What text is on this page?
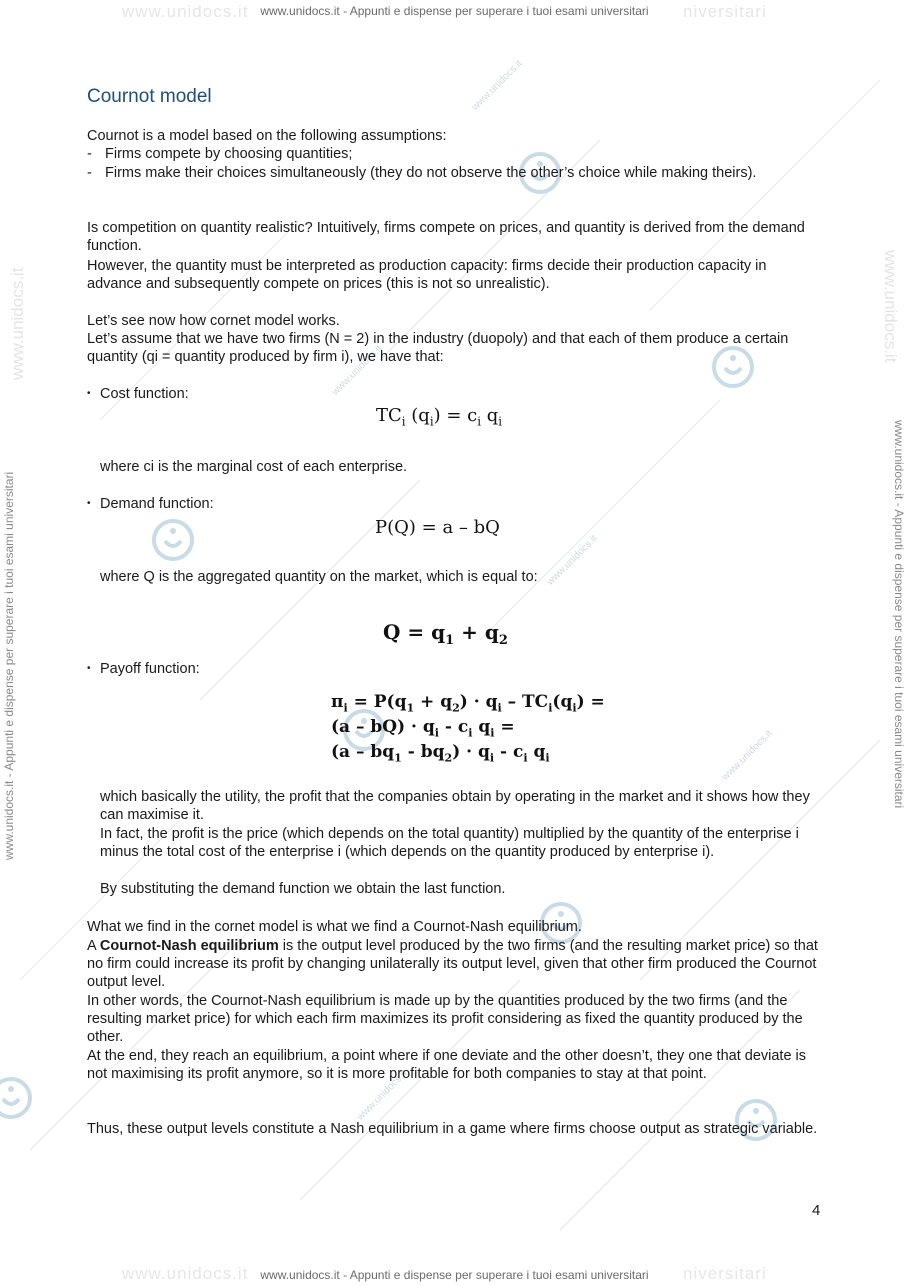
www.unidocs.it
www.unidocs.it
www.unidocs.it
www.unidocs.it
www.unidocs.it
www.unidocs.it	niversitari
www.unidocs.it	niversitari
www.unidocs.it - Appunti e dispense per superare i tuoi esami universitari
www.unidocs.it - Appunti e dispense per superare i tuoi esami universitari
www.unidocs.it - Appunti e dispense per superare i tuoi esami universitari	www.unidocs.it - Appunti e dispense per superare i tuoi esami universitari
www.unidocs.it	www.unidocs.it
Cournot model

Cournot is a model based on the following assumptions:

- Firms compete by choosing quantities;
- Firms make their choices simultaneously (they do not observe the other’s choice while making theirs).

Is competition on quantity realistic? Intuitively, firms compete on prices, and quantity is derived from the demand function.

However, the quantity must be interpreted as production capacity: firms decide their production capacity in advance and subsequently compete on prices (this is not so unrealistic).

Let’s see now how cornet model works.

Let’s assume that we have two firms (N = 2) in the industry (duopoly) and that each of them produce a certain quantity (qi = quantity produced by firm i), we have that:

• Cost function:
$TC_i$ $(q_i) = c_i$ $q_i$
where ci is the marginal cost of each enterprise.
• Demand function:
P(Q) = a – bQ
where Q is the aggregated quantity on the market, which is equal to:
$Q = q_1 + q_2$
• Payoff function:
$\pi_i = P(q_1 + q_2) \cdot q_i - TC_i(q_i)$ =
$(a - bQ) \cdot q_i - c_i$ $q_i$ =
$(a - bq_1 - bq_2) \cdot q_i - c_i$ $q_i$
which basically the utility, the profit that the companies obtain by operating in the market and it shows how they can maximise it.
In fact, the profit is the price (which depends on the total quantity) multiplied by the quantity of the enterprise i minus the total cost of the enterprise i (which depends on the quantity produced by enterprise i).
By substituting the demand function we obtain the last function.

What we find in the cornet model is what we find a Cournot-Nash equilibrium.

A Cournot-Nash equilibrium is the output level produced by the two firms (and the resulting market price) so that no firm could increase its profit by changing unilaterally its output level, given that other firm produced the Cournot output level.

In other words, the Cournot-Nash equilibrium is made up by the quantities produced by the two firms (and the resulting market price) for which each firm maximizes its profit considering as fixed the quantity produced by the other.

At the end, they reach an equilibrium, a point where if one deviate and the other doesn’t, they one that deviate is not maximising its profit anymore, so it is more profitable for both companies to stay at that point.

Thus, these output levels constitute a Nash equilibrium in a game where firms choose output as strategic variable.

4
